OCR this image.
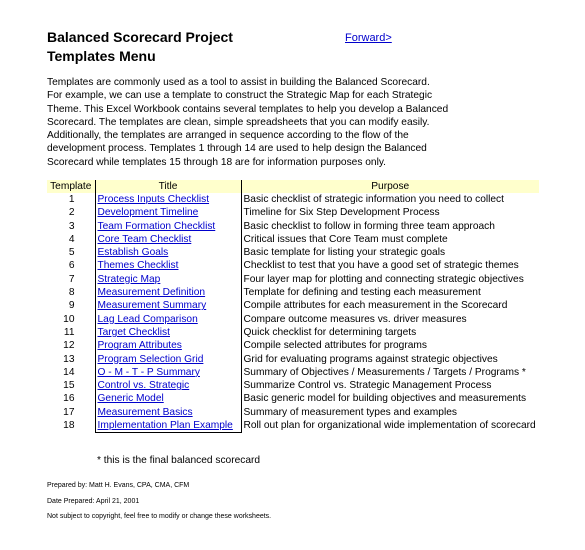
Balanced Scorecard Project
Templates Menu
Forward>
Templates are commonly used as a tool to assist in building the Balanced Scorecard.
For example, we can use a template to construct the Strategic Map for each Strategic
Theme. This Excel Workbook contains several templates to help you develop a Balanced
Scorecard. The templates are clean, simple spreadsheets that you can modify easily.
Additionally, the templates are arranged in sequence according to the flow of the
development process. Templates 1 through 14 are used to help design the Balanced
Scorecard while templates 15 through 18 are for information purposes only.
Template	Title	Purpose
1	Process Inputs Checklist	Basic checklist of strategic information you need to collect
2	Development Timeline	Timeline for Six Step Development Process
3	Team Formation Checklist	Basic checklist to follow in forming three team approach
4	Core Team Checklist	Critical issues that Core Team must complete
5	Establish Goals	Basic template for listing your strategic goals
6	Themes Checklist	Checklist to test that you have a good set of strategic themes
7	Strategic Map	Four layer map for plotting and connecting strategic objectives
8	Measurement Definition	Template for defining and testing each measurement
9	Measurement Summary	Compile attributes for each measurement in the Scorecard
10	Lag Lead Comparison	Compare outcome measures vs. driver measures
11	Target Checklist	Quick checklist for determining targets
12	Program Attributes	Compile selected attributes for programs
13	Program Selection Grid	Grid for evaluating programs against strategic objectives
14	O - M - T - P Summary	Summary of Objectives / Measurements / Targets / Programs *
15	Control vs. Strategic	Summarize Control vs. Strategic Management Process
16	Generic Model	Basic generic model for building objectives and measurements
17	Measurement Basics	Summary of measurement types and examples
18	Implementation Plan Example	Roll out plan for organizational wide implementation of scorecard
* this is the final balanced scorecard
Prepared by: Matt H. Evans, CPA, CMA, CFM
Date Prepared: April 21, 2001
Not subject to copyright, feel free to modify or change these worksheets.
